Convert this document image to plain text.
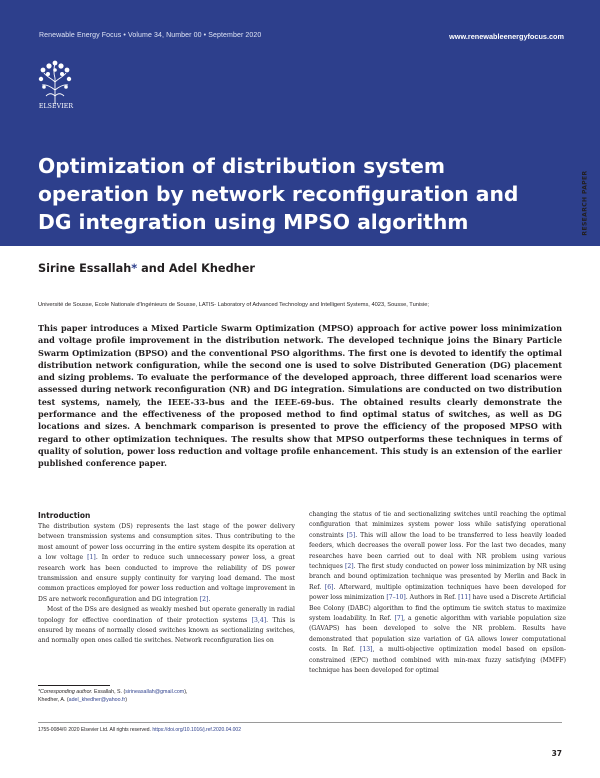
Renewable Energy Focus • Volume 34, Number 00 • September 2020	www.renewableenergyfocus.com
ELSEVIER
Optimization of distribution system operation by network reconfiguration and DG integration using MPSO algorithm	RESEARCH PAPER
Sirine Essallah* and Adel Khedher
Université de Sousse, Ecole Nationale d'Ingénieurs de Sousse, LATIS- Laboratory of Advanced Technology and Intelligent Systems, 4023, Sousse, Tunisie;

This paper introduces a Mixed Particle Swarm Optimization (MPSO) approach for active power loss minimization and voltage profile improvement in the distribution network. The developed technique joins the Binary Particle Swarm Optimization (BPSO) and the conventional PSO algorithms. The first one is devoted to identify the optimal distribution network configuration, while the second one is used to solve Distributed Generation (DG) placement and sizing problems. To evaluate the performance of the developed approach, three different load scenarios were assessed during network reconfiguration (NR) and DG integration. Simulations are conducted on two distribution test systems, namely, the IEEE-33-bus and the IEEE-69-bus. The obtained results clearly demonstrate the performance and the effectiveness of the proposed method to find optimal status of switches, as well as DG locations and sizes. A benchmark comparison is presented to prove the efficiency of the proposed MPSO with regard to other optimization techniques. The results show that MPSO outperforms these techniques in terms of quality of solution, power loss reduction and voltage profile enhancement. This study is an extension of the earlier published conference paper.

Introduction

The distribution system (DS) represents the last stage of the power delivery between transmission systems and consumption sites. Thus contributing to the most amount of power loss occurring in the entire system despite its operation at a low voltage [1]. In order to reduce such unnecessary power loss, a great research work has been conducted to improve the reliability of DS power transmission and ensure supply continuity for varying load demand. The most common practices employed for power loss reduction and voltage improvement in DS are network reconfiguration and DG integration [2].

Most of the DSs are designed as weakly meshed but operate generally in radial topology for effective coordination of their protection systems [3,4]. This is ensured by means of normally closed switches known as sectionalizing switches, and normally open ones called tie switches. Network reconfiguration lies on

changing the status of tie and sectionalizing switches until reaching the optimal configuration that minimizes system power loss while satisfying operational constraints [5]. This will allow the load to be transferred to less heavily loaded feeders, which decreases the overall power loss. For the last two decades, many researches have been carried out to deal with NR problem using various techniques [2]. The first study conducted on power loss minimization by NR using branch and bound optimization technique was presented by Merlin and Back in Ref. [6]. Afterward, multiple optimization techniques have been developed for power loss minimization [7–10]. Authors in Ref. [11] have used a Discrete Artificial Bee Colony (DABC) algorithm to find the optimum tie switch status to maximize system loadability. In Ref. [7], a genetic algorithm with variable population size (GAVAPS) has been developed to solve the NR problem. Results have demonstrated that population size variation of GA allows lower computational costs. In Ref. [13], a multi-objective optimization model based on epsilon-constrained (EPC) method combined with min-max fuzzy satisfying (MMFF) technique has been developed for optimal

*Corresponding author. Essallah, S. (sirineasallah@gmail.com),
Khedher, A. (adel_khedher@yahoo.fr)
1755-0084/© 2020 Elsevier Ltd. All rights reserved. https://doi.org/10.1016/j.ref.2020.04.002
37
